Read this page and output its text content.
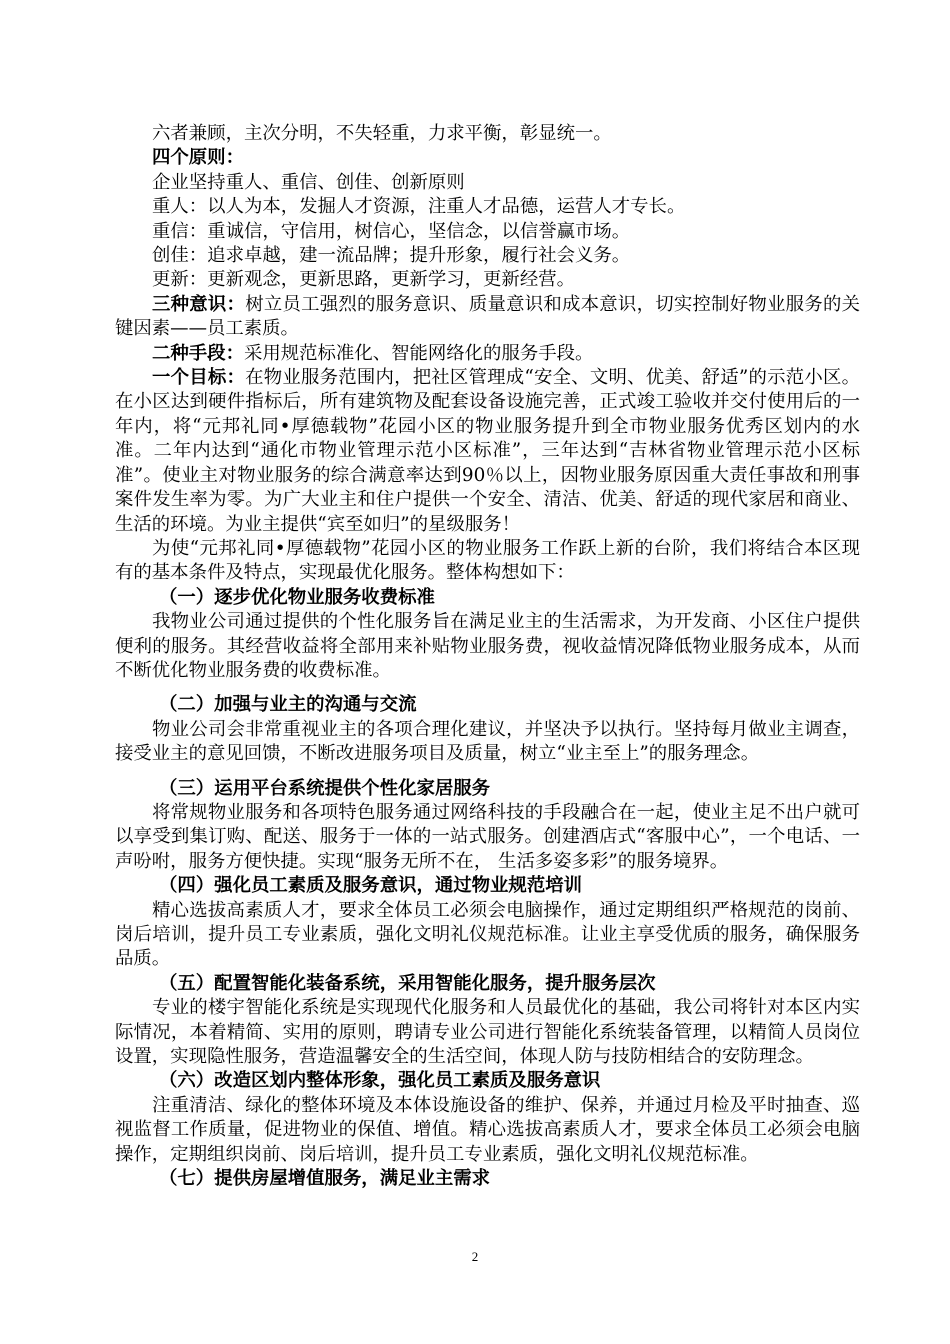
六者兼顾，主次分明，不失轻重，力求平衡，彰显统一。

四个原则：

企业坚持重人、重信、创佳、创新原则

重人：以人为本，发掘人才资源，注重人才品德，运营人才专长。

重信：重诚信，守信用，树信心，坚信念，以信誉赢市场。

创佳：追求卓越，建一流品牌；提升形象，履行社会义务。

更新：更新观念，更新思路，更新学习，更新经营。

三种意识：树立员工强烈的服务意识、质量意识和成本意识，切实控制好物业服务的关键因素——员工素质。

二种手段：采用规范标准化、智能网络化的服务手段。

一个目标：在物业服务范围内，把社区管理成“安全、文明、优美、舒适”的示范小区。在小区达到硬件指标后，所有建筑物及配套设备设施完善，正式竣工验收并交付使用后的一年内，将“元邦礼同•厚德载物”花园小区的物业服务提升到全市物业服务优秀区划内的水准。二年内达到“通化市物业管理示范小区标准”，三年达到“吉林省物业管理示范小区标准”。使业主对物业服务的综合满意率达到90％以上，因物业服务原因重大责任事故和刑事案件发生率为零。为广大业主和住户提供一个安全、清洁、优美、舒适的现代家居和商业、生活的环境。为业主提供“宾至如归”的星级服务！

为使“元邦礼同•厚德载物”花园小区的物业服务工作跃上新的台阶，我们将结合本区现有的基本条件及特点，实现最优化服务。整体构想如下：

（一）逐步优化物业服务收费标准

我物业公司通过提供的个性化服务旨在满足业主的生活需求，为开发商、小区住户提供便利的服务。其经营收益将全部用来补贴物业服务费，视收益情况降低物业服务成本，从而不断优化物业服务费的收费标准。

（二）加强与业主的沟通与交流

物业公司会非常重视业主的各项合理化建议，并坚决予以执行。坚持每月做业主调查，接受业主的意见回馈，不断改进服务项目及质量，树立“业主至上”的服务理念。

（三）运用平台系统提供个性化家居服务

将常规物业服务和各项特色服务通过网络科技的手段融合在一起，使业主足不出户就可以享受到集订购、配送、服务于一体的一站式服务。创建酒店式“客服中心”，一个电话、一声吩咐，服务方便快捷。实现“服务无所不在， 生活多姿多彩”的服务境界。

（四）强化员工素质及服务意识，通过物业规范培训

精心选拔高素质人才，要求全体员工必须会电脑操作，通过定期组织严格规范的岗前、岗后培训，提升员工专业素质，强化文明礼仪规范标准。让业主享受优质的服务，确保服务品质。

（五）配置智能化装备系统，采用智能化服务，提升服务层次

专业的楼宇智能化系统是实现现代化服务和人员最优化的基础，我公司将针对本区内实际情况，本着精简、实用的原则，聘请专业公司进行智能化系统装备管理，以精简人员岗位设置，实现隐性服务，营造温馨安全的生活空间，体现人防与技防相结合的安防理念。

（六）改造区划内整体形象，强化员工素质及服务意识

注重清洁、绿化的整体环境及本体设施设备的维护、保养，并通过月检及平时抽查、巡视监督工作质量，促进物业的保值、增值。精心选拔高素质人才，要求全体员工必须会电脑操作，定期组织岗前、岗后培训，提升员工专业素质，强化文明礼仪规范标准。

（七）提供房屋增值服务，满足业主需求

2
